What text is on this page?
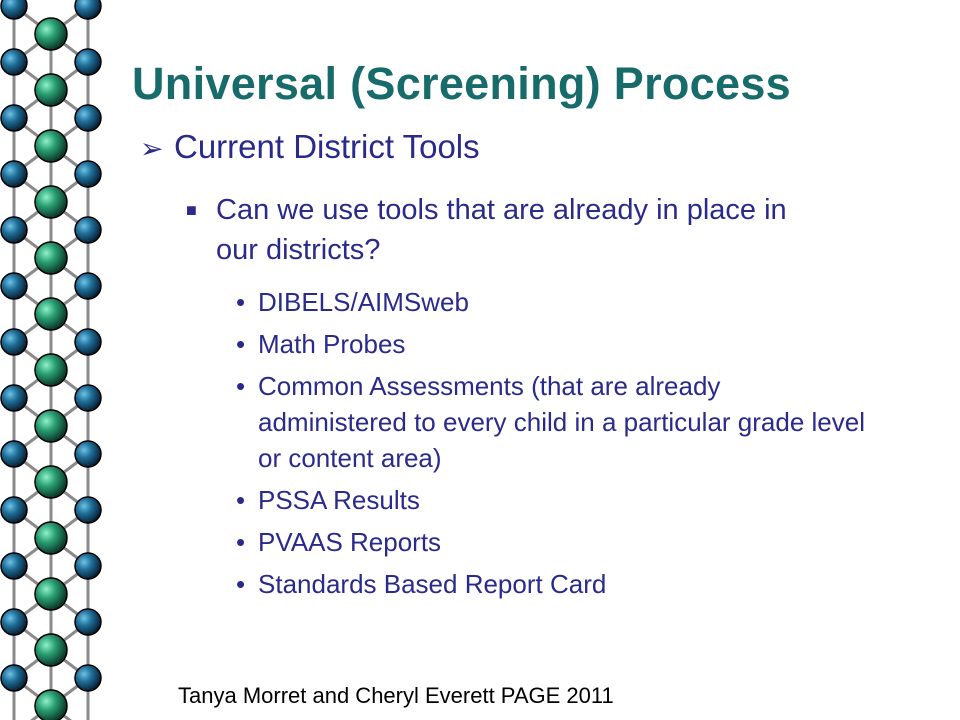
Universal (Screening) Process
➢ Current District Tools
■ Can we use tools that are already in place in our districts?
• DIBELS/AIMSweb
• Math Probes
• Common Assessments (that are already administered to every child in a particular grade level or content area)
• PSSA Results
• PVAAS Reports
• Standards Based Report Card
Tanya Morret and Cheryl Everett PAGE 2011
